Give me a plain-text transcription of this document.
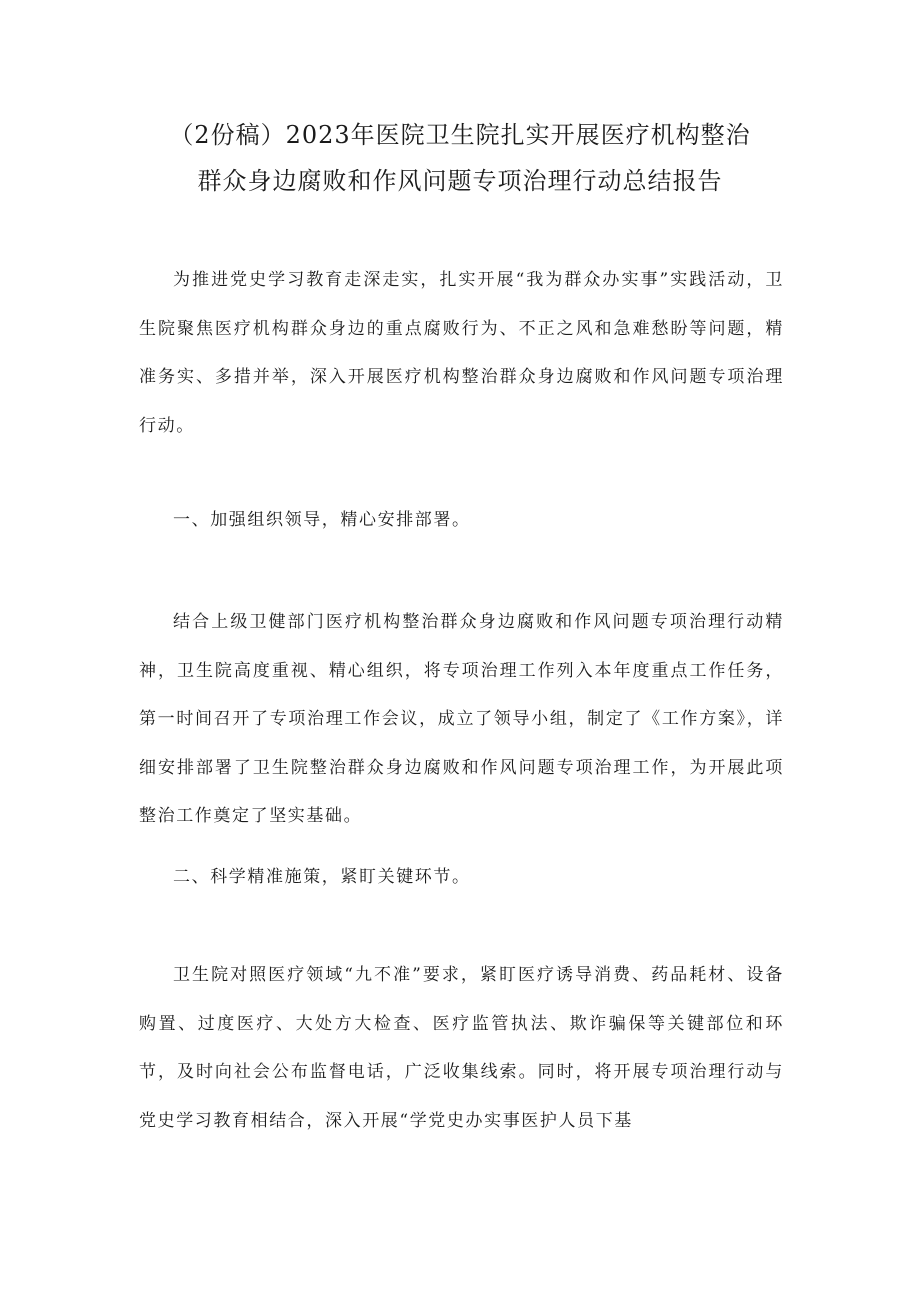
（2份稿）2023年医院卫生院扎实开展医疗机构整治
群众身边腐败和作风问题专项治理行动总结报告

为推进党史学习教育走深走实，扎实开展“我为群众办实事”实践活动，卫生院聚焦医疗机构群众身边的重点腐败行为、不正之风和急难愁盼等问题，精准务实、多措并举，深入开展医疗机构整治群众身边腐败和作风问题专项治理行动。

一、加强组织领导，精心安排部署。

结合上级卫健部门医疗机构整治群众身边腐败和作风问题专项治理行动精神，卫生院高度重视、精心组织，将专项治理工作列入本年度重点工作任务，第一时间召开了专项治理工作会议，成立了领导小组，制定了《工作方案》，详细安排部署了卫生院整治群众身边腐败和作风问题专项治理工作，为开展此项整治工作奠定了坚实基础。

二、科学精准施策，紧盯关键环节。

卫生院对照医疗领域“九不准”要求，紧盯医疗诱导消费、药品耗材、设备购置、过度医疗、大处方大检查、医疗监管执法、欺诈骗保等关键部位和环节，及时向社会公布监督电话，广泛收集线索。同时，将开展专项治理行动与党史学习教育相结合，深入开展“学党史办实事医护人员下基
